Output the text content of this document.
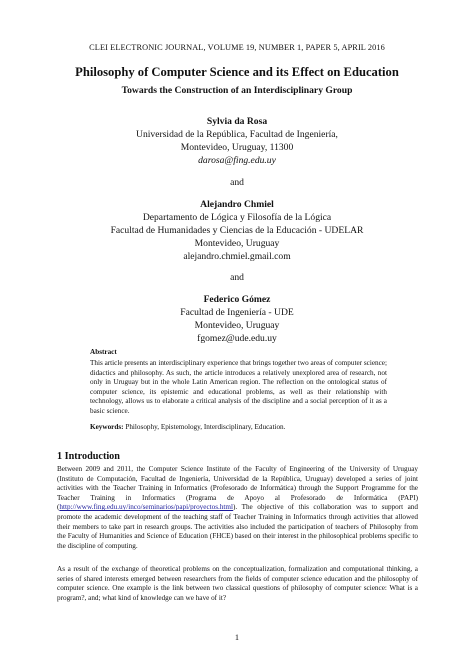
CLEI ELECTRONIC JOURNAL, VOLUME 19, NUMBER 1, PAPER 5, APRIL 2016

Philosophy of Computer Science and its Effect on Education
Towards the Construction of an Interdisciplinary Group
Sylvia da Rosa
Universidad de la República, Facultad de Ingeniería,
Montevideo, Uruguay, 11300
darosa@fing.edu.uy
and
Alejandro Chmiel
Departamento de Lógica y Filosofía de la Lógica
Facultad de Humanidades y Ciencias de la Educación - UDELAR
Montevideo, Uruguay
alejandro.chmiel.gmail.com
and
Federico Gómez
Facultad de Ingeniería - UDE
Montevideo, Uruguay
fgomez@ude.edu.uy
Abstract

This article presents an interdisciplinary experience that brings together two areas of computer science; didactics and philosophy. As such, the article introduces a relatively unexplored area of research, not only in Uruguay but in the whole Latin American region. The reflection on the ontological status of computer science, its epistemic and educational problems, as well as their relationship with technology, allows us to elaborate a critical analysis of the discipline and a social perception of it as a basic science.

Keywords: Philosophy, Epistemology, Interdisciplinary, Education.

1 Introduction

Between 2009 and 2011, the Computer Science Institute of the Faculty of Engineering of the University of Uruguay (Instituto de Computación, Facultad de Ingeniería, Universidad de la República, Uruguay) developed a series of joint activities with the Teacher Training in Informatics (Profesorado de Informática) through the Support Programme for the Teacher Training in Informatics (Programa de Apoyo al Profesorado de Informática (PAPI) (http://www.fing.edu.uy/inco/seminarios/papi/proyectos.html). The objective of this collaboration was to support and promote the academic development of the teaching staff of Teacher Training in Informatics through activities that allowed their members to take part in research groups. The activities also included the participation of teachers of Philosophy from the Faculty of Humanities and Science of Education (FHCE) based on their interest in the philosophical problems specific to the discipline of computing.

As a result of the exchange of theoretical problems on the conceptualization, formalization and computational thinking, a series of shared interests emerged between researchers from the fields of computer science education and the philosophy of computer science. One example is the link between two classical questions of philosophy of computer science: What is a program?, and; what kind of knowledge can we have of it?

1
